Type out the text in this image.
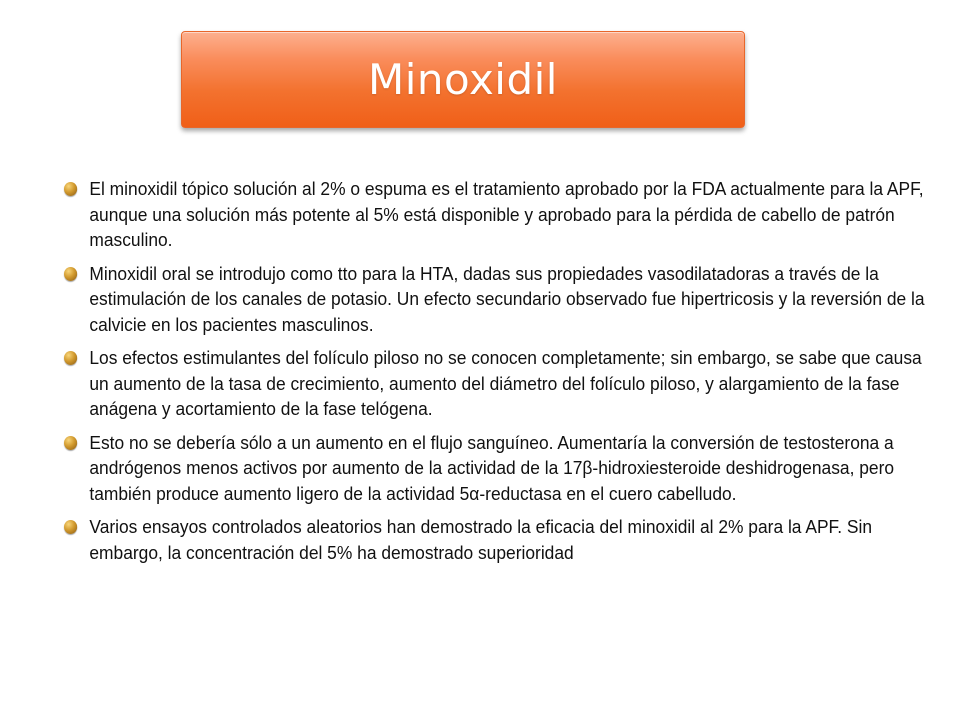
Minoxidil
El minoxidil tópico solución al 2% o espuma es el tratamiento aprobado por la FDA actualmente para la APF, aunque una solución más potente al 5% está disponible y aprobado para la pérdida de cabello de patrón masculino.
Minoxidil oral se introdujo como tto para la HTA, dadas sus propiedades vasodilatadoras a través de la estimulación de los canales de potasio. Un efecto secundario observado fue hipertricosis y la reversión de la calvicie en los pacientes masculinos.
Los efectos estimulantes del folículo piloso no se conocen completamente; sin embargo, se sabe que causa un aumento de la tasa de crecimiento, aumento del diámetro del folículo piloso, y alargamiento de la fase anágena y acortamiento de la fase telógena.
Esto no se debería sólo a un aumento en el flujo sanguíneo. Aumentaría la conversión de testosterona a andrógenos menos activos por aumento de la actividad de la 17β-hidroxiesteroide deshidrogenasa, pero también produce aumento ligero de la actividad 5α-reductasa en el cuero cabelludo.
Varios ensayos controlados aleatorios han demostrado la eficacia del minoxidil al 2% para la APF. Sin embargo, la concentración del 5% ha demostrado superioridad
